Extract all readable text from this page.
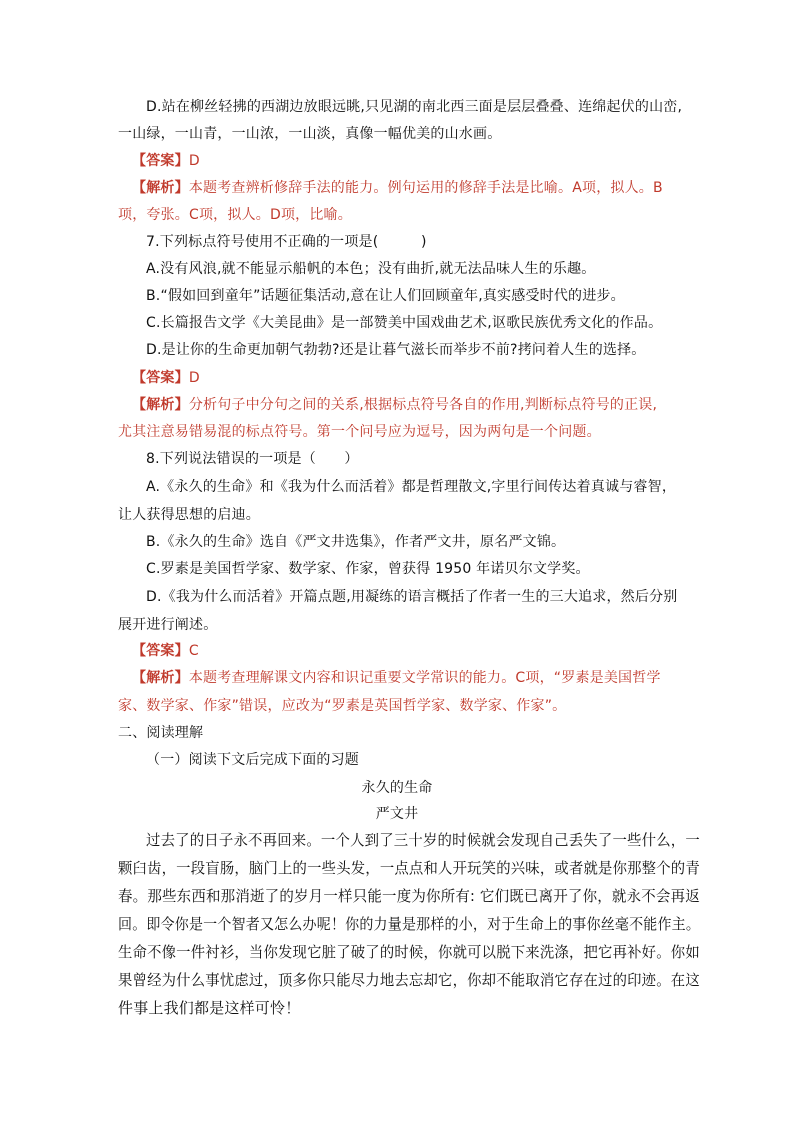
D.站在柳丝轻拂的西湖边放眼远眺,只见湖的南北西三面是层层叠叠、连绵起伏的山峦,
一山绿，一山青，一山浓，一山淡，真像一幅优美的山水画。
【答案】D
【解析】本题考查辨析修辞手法的能力。例句运用的修辞手法是比喻。A项，拟人。B
项，夸张。C项，拟人。D项，比喻。
7.下列标点符号使用不正确的一项是(　　　)
A.没有风浪,就不能显示船帆的本色；没有曲折,就无法品味人生的乐趣。
B.“假如回到童年”话题征集活动,意在让人们回顾童年,真实感受时代的进步。
C.长篇报告文学《大美昆曲》是一部赞美中国戏曲艺术,讴歌民族优秀文化的作品。
D.是让你的生命更加朝气勃勃?还是让暮气滋长而举步不前?拷问着人生的选择。
【答案】D
【解析】分析句子中分句之间的关系,根据标点符号各自的作用,判断标点符号的正误,
尤其注意易错易混的标点符号。第一个问号应为逗号，因为两句是一个问题。
8.下列说法错误的一项是（　　）
A.《永久的生命》和《我为什么而活着》都是哲理散文,字里行间传达着真诚与睿智，
让人获得思想的启迪。
B.《永久的生命》选自《严文井选集》，作者严文井，原名严文锦。
C.罗素是美国哲学家、数学家、作家，曾获得 1950 年诺贝尔文学奖。
D.《我为什么而活着》开篇点题,用凝练的语言概括了作者一生的三大追求，然后分别
展开进行阐述。
【答案】C
【解析】本题考查理解课文内容和识记重要文学常识的能力。C项，“罗素是美国哲学
家、数学家、作家”错误，应改为“罗素是英国哲学家、数学家、作家”。
二、阅读理解
（一）阅读下文后完成下面的习题
永久的生命
严文井
过去了的日子永不再回来。一个人到了三十岁的时候就会发现自己丢失了一些什么，一
颗臼齿，一段盲肠，脑门上的一些头发，一点点和人开玩笑的兴味，或者就是你那整个的青
春。那些东西和那消逝了的岁月一样只能一度为你所有: 它们既已离开了你，就永不会再返
回。即令你是一个智者又怎么办呢！你的力量是那样的小，对于生命上的事你丝毫不能作主。
生命不像一件衬衫，当你发现它脏了破了的时候，你就可以脱下来洗涤，把它再补好。你如
果曾经为什么事忧虑过，顶多你只能尽力地去忘却它，你却不能取消它存在过的印迹。在这
件事上我们都是这样可怜！
